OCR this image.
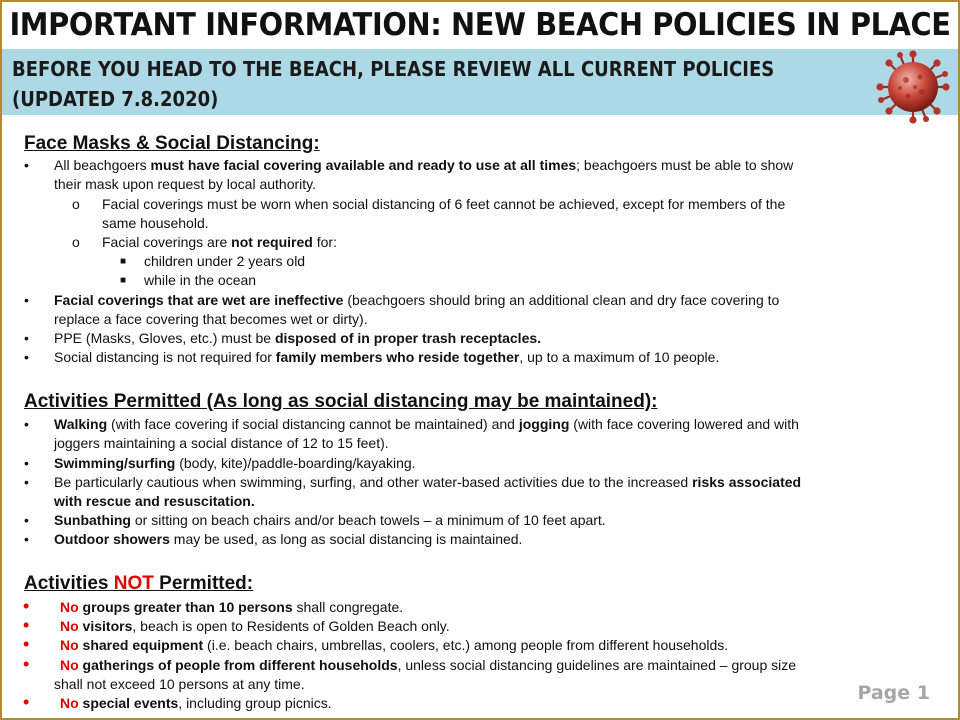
IMPORTANT INFORMATION: NEW BEACH POLICIES IN PLACE
BEFORE YOU HEAD TO THE BEACH, PLEASE REVIEW ALL CURRENT POLICIES
(UPDATED 7.8.2020)
Face Masks & Social Distancing:
• All beachgoers must have facial covering available and ready to use at all times; beachgoers must be able to show
their mask upon request by local authority.
o Facial coverings must be worn when social distancing of 6 feet cannot be achieved, except for members of the
same household.
o Facial coverings are not required for:
■ children under 2 years old
■ while in the ocean
• Facial coverings that are wet are ineffective (beachgoers should bring an additional clean and dry face covering to
replace a face covering that becomes wet or dirty).
• PPE (Masks, Gloves, etc.) must be disposed of in proper trash receptacles.
• Social distancing is not required for family members who reside together, up to a maximum of 10 people.
Activities Permitted (As long as social distancing may be maintained):
• Walking (with face covering if social distancing cannot be maintained) and jogging (with face covering lowered and with
joggers maintaining a social distance of 12 to 15 feet).
• Swimming/surfing (body, kite)/paddle-boarding/kayaking.
• Be particularly cautious when swimming, surfing, and other water-based activities due to the increased risks associated
with rescue and resuscitation.
• Sunbathing or sitting on beach chairs and/or beach towels – a minimum of 10 feet apart.
• Outdoor showers may be used, as long as social distancing is maintained.
Activities NOT Permitted:
• No groups greater than 10 persons shall congregate.
• No visitors, beach is open to Residents of Golden Beach only.
• No shared equipment (i.e. beach chairs, umbrellas, coolers, etc.) among people from different households.
• No gatherings of people from different households, unless social distancing guidelines are maintained – group size
shall not exceed 10 persons at any time.
• No special events, including group picnics.	Page 1
